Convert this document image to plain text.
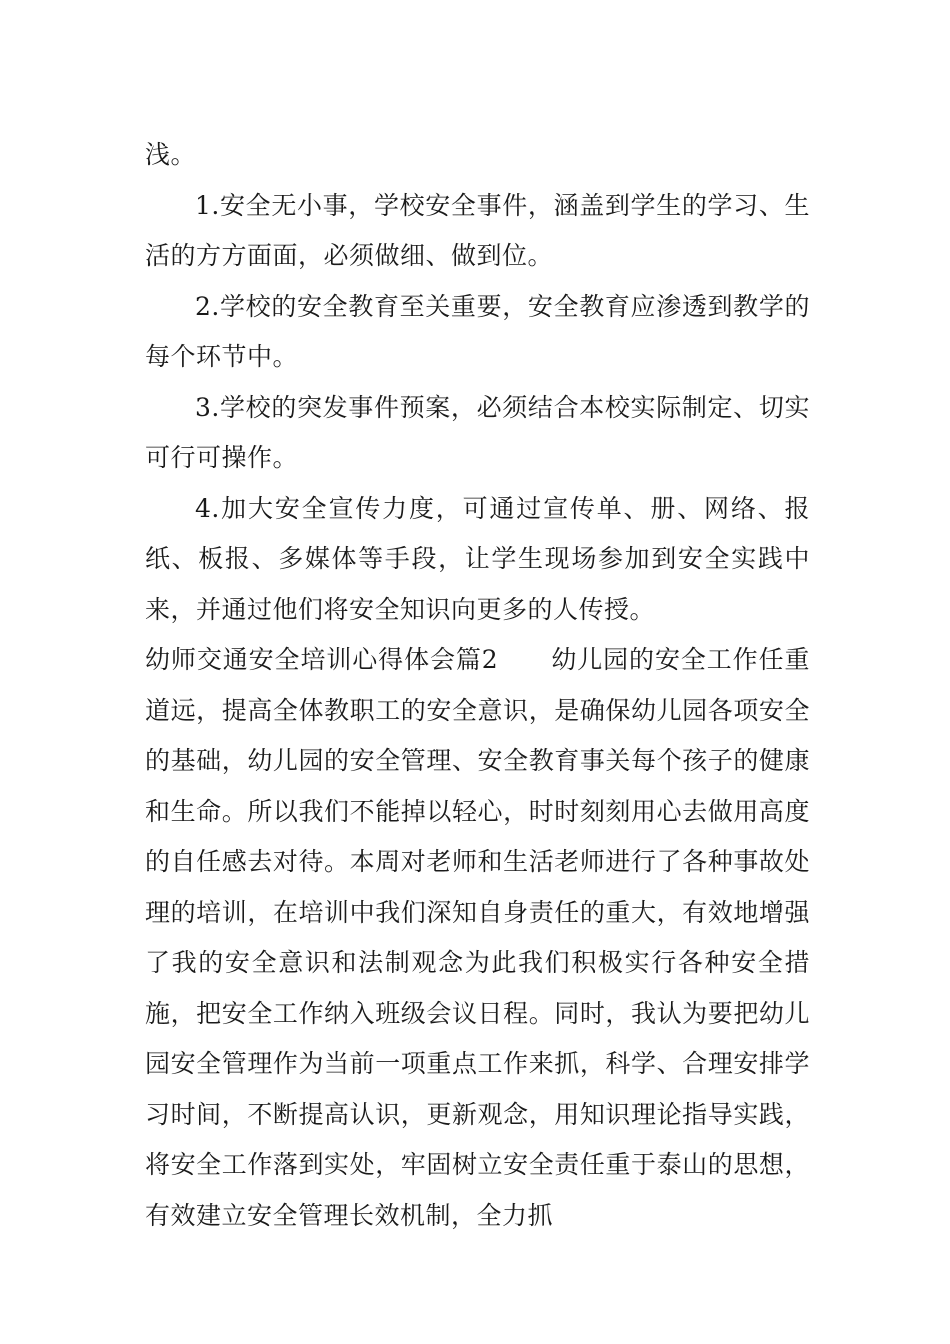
浅。

1.安全无小事，学校安全事件，涵盖到学生的学习、生活的方方面面，必须做细、做到位。

2.学校的安全教育至关重要，安全教育应渗透到教学的每个环节中。

3.学校的突发事件预案，必须结合本校实际制定、切实可行可操作。

4.加大安全宣传力度，可通过宣传单、册、网络、报纸、板报、多媒体等手段，让学生现场参加到安全实践中来，并通过他们将安全知识向更多的人传授。

幼师交通安全培训心得体会篇2 幼儿园的安全工作任重道远，提高全体教职工的安全意识，是确保幼儿园各项安全的基础，幼儿园的安全管理、安全教育事关每个孩子的健康和生命。所以我们不能掉以轻心，时时刻刻用心去做用高度的自任感去对待。本周对老师和生活老师进行了各种事故处理的培训，在培训中我们深知自身责任的重大，有效地增强了我的安全意识和法制观念为此我们积极实行各种安全措施，把安全工作纳入班级会议日程。同时，我认为要把幼儿园安全管理作为当前一项重点工作来抓，科学、合理安排学习时间，不断提高认识，更新观念，用知识理论指导实践，将安全工作落到实处，牢固树立安全责任重于泰山的思想，有效建立安全管理长效机制，全力抓
